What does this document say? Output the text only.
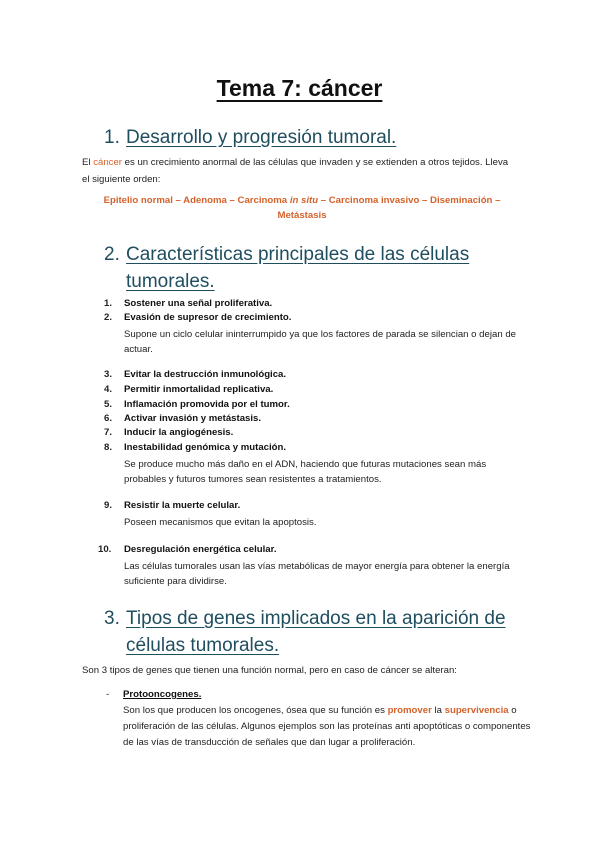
Tema 7: cáncer
1. Desarrollo y progresión tumoral.

El cáncer es un crecimiento anormal de las células que invaden y se extienden a otros tejidos. Lleva el siguiente orden:

Epitelio normal – Adenoma – Carcinoma in situ – Carcinoma invasivo – Diseminación –
Metástasis
2. Características principales de las células
tumorales.
1.	Sostener una señal proliferativa.
2.	Evasión de supresor de crecimiento.
Supone un ciclo celular ininterrumpido ya que los factores de parada se silencian o dejan de actuar.
3.	Evitar la destrucción inmunológica.
4.	Permitir inmortalidad replicativa.
5.	Inflamación promovida por el tumor.
6.	Activar invasión y metástasis.
7.	Inducir la angiogénesis.
8.	Inestabilidad genómica y mutación.
Se produce mucho más daño en el ADN, haciendo que futuras mutaciones sean más probables y futuros tumores sean resistentes a tratamientos.
9.	Resistir la muerte celular.
Poseen mecanismos que evitan la apoptosis.
10.	Desregulación energética celular.
Las células tumorales usan las vías metabólicas de mayor energía para obtener la energía suficiente para dividirse.
3. Tipos de genes implicados en la aparición de
células tumorales.

Son 3 tipos de genes que tienen una función normal, pero en caso de cáncer se alteran:

-	Protooncogenes.
Son los que producen los oncogenes, ósea que su función es promover la supervivencia o proliferación de las células. Algunos ejemplos son las proteínas anti apoptóticas o componentes de las vías de transducción de señales que dan lugar a proliferación.
